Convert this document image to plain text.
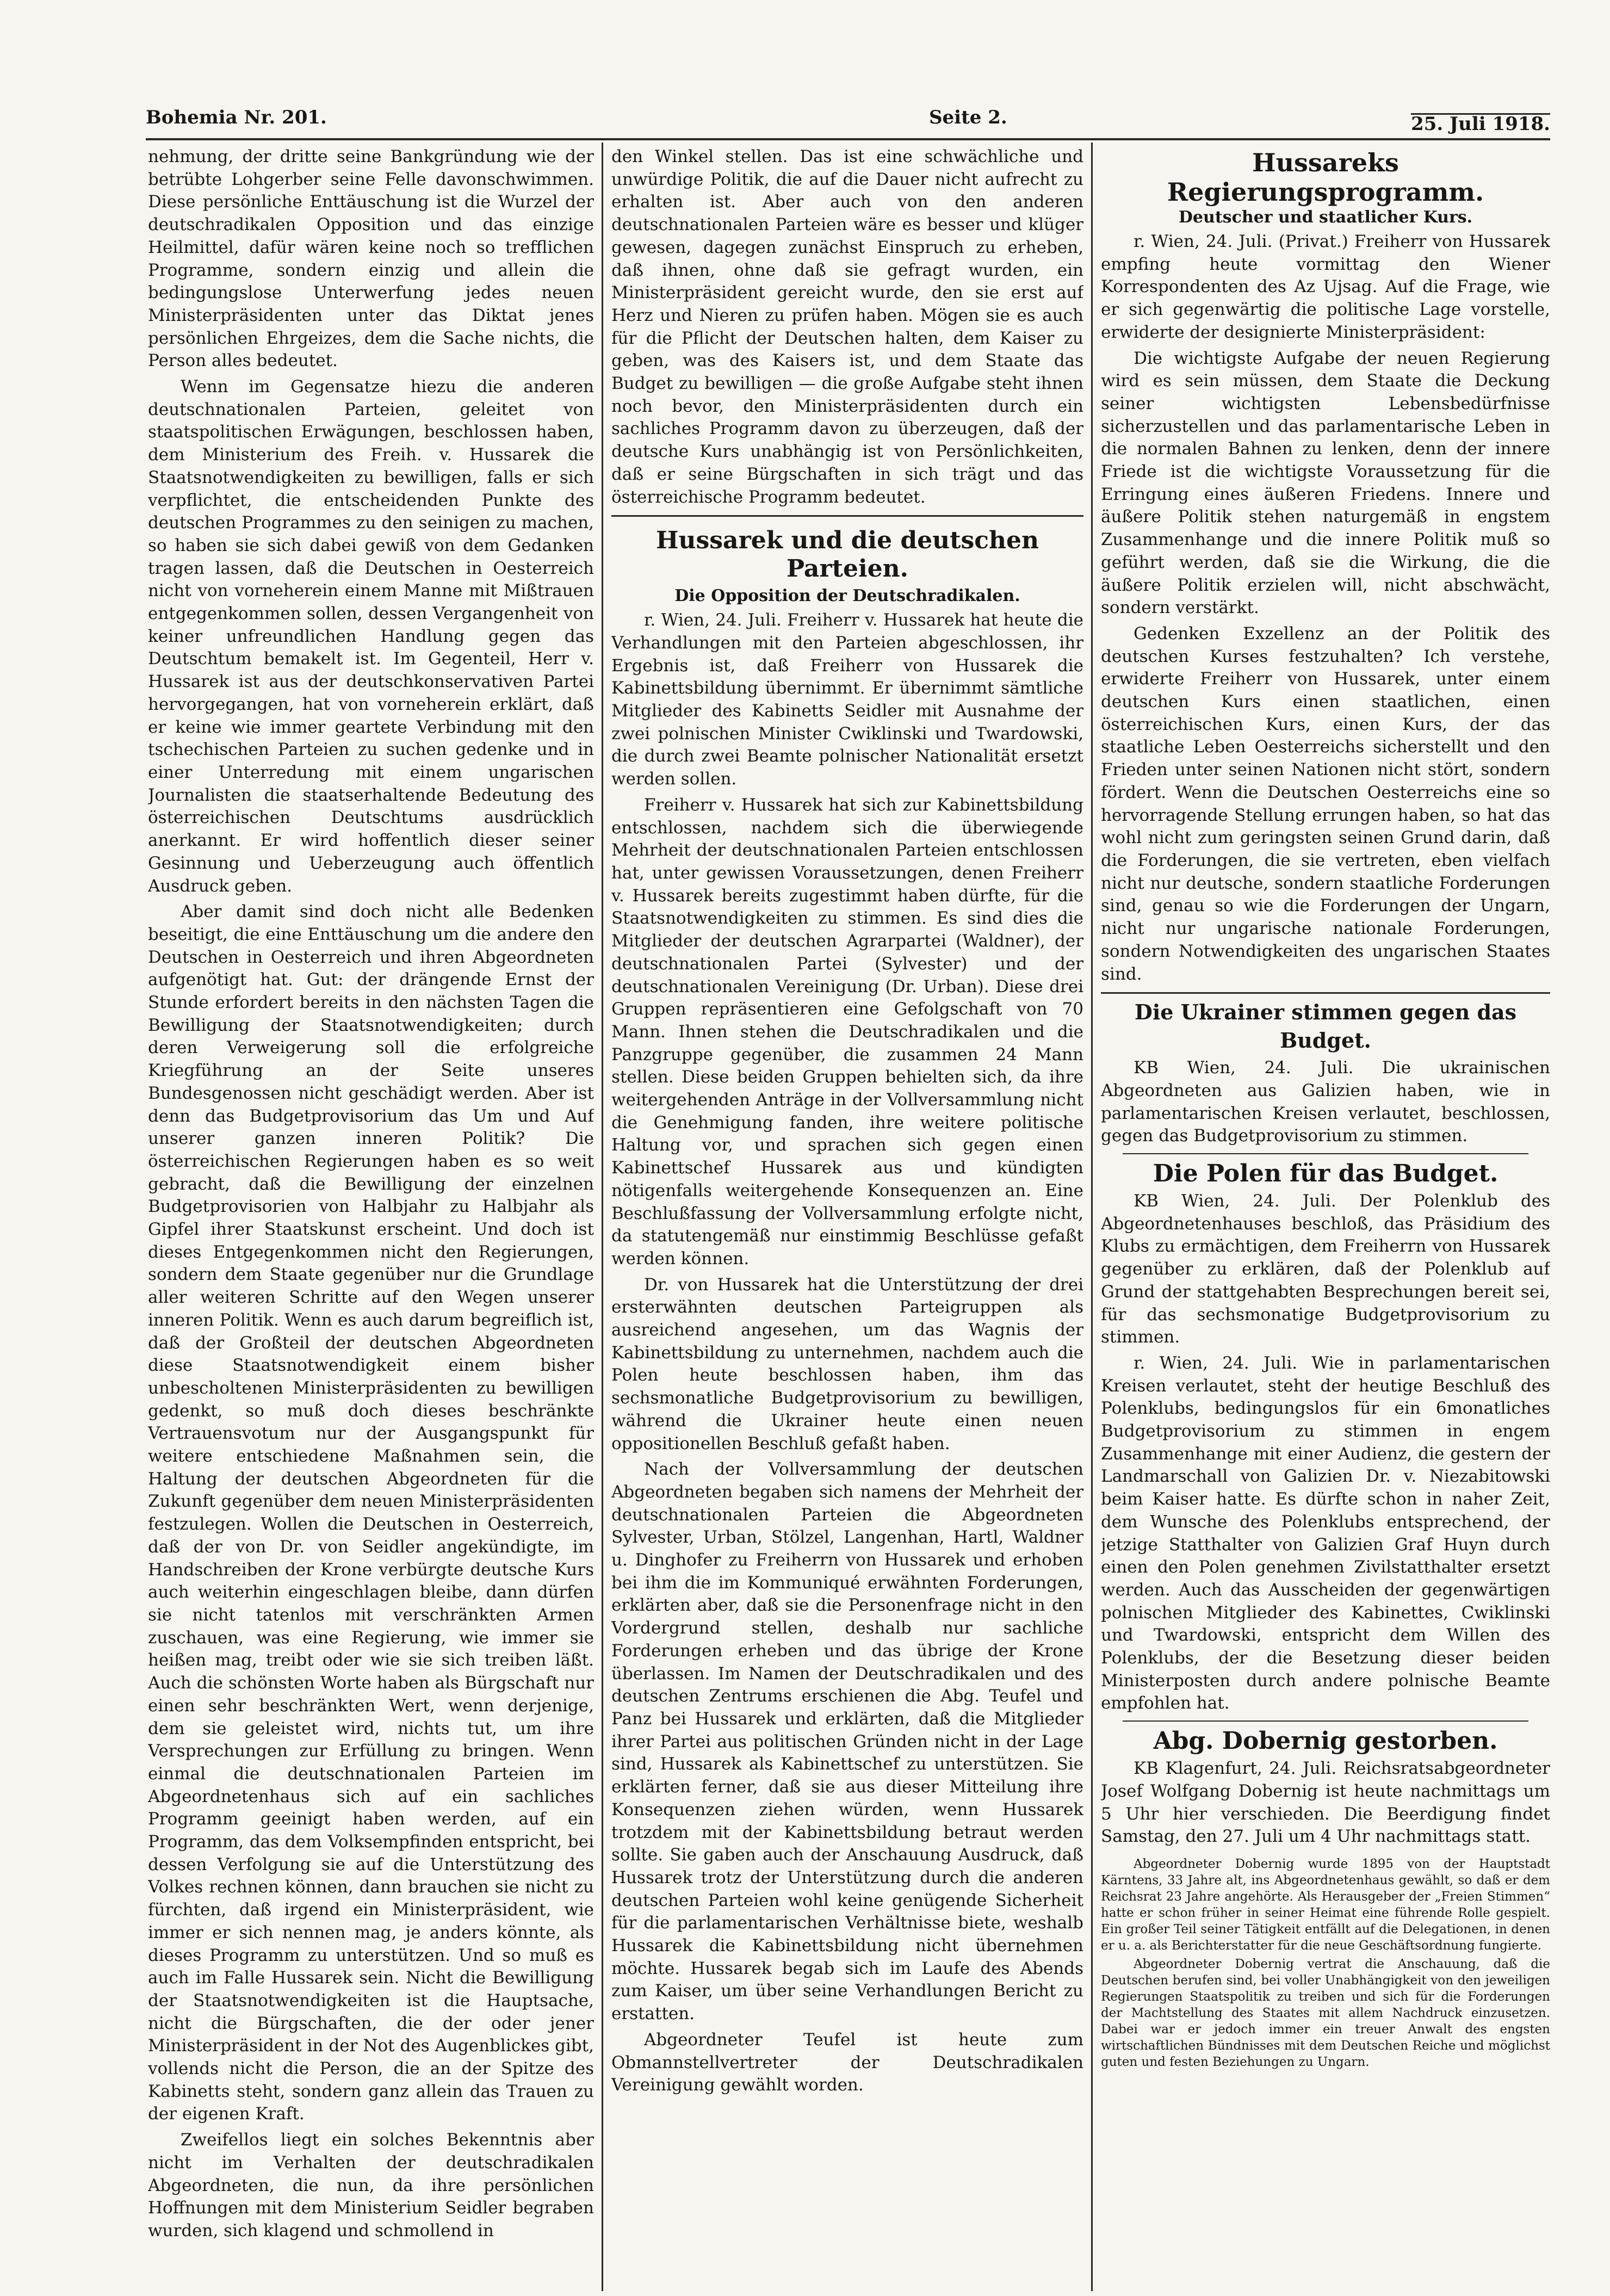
Bohemia Nr. 201.	Seite 2.	25. Juli 1918.

nehmung, der dritte seine Bankgründung wie der betrübte Lohgerber seine Felle davonschwimmen. Diese persönliche Enttäuschung ist die Wurzel der deutschradikalen Opposition und das einzige Heilmittel, dafür wären keine noch so trefflichen Programme, sondern einzig und allein die bedingungslose Unterwerfung jedes neuen Ministerpräsidenten unter das Diktat jenes persönlichen Ehrgeizes, dem die Sache nichts, die Person alles bedeutet.

Wenn im Gegensatze hiezu die anderen deutschnationalen Parteien, geleitet von staatspolitischen Erwägungen, beschlossen haben, dem Ministerium des Freih. v. Hussarek die Staatsnotwendigkeiten zu bewilligen, falls er sich verpflichtet, die entscheidenden Punkte des deutschen Programmes zu den seinigen zu machen, so haben sie sich dabei gewiß von dem Gedanken tragen lassen, daß die Deutschen in Oesterreich nicht von vorneherein einem Manne mit Mißtrauen entgegenkommen sollen, dessen Vergangenheit von keiner unfreundlichen Handlung gegen das Deutschtum bemakelt ist. Im Gegenteil, Herr v. Hussarek ist aus der deutschkonservativen Partei hervorgegangen, hat von vorneherein erklärt, daß er keine wie immer geartete Verbindung mit den tschechischen Parteien zu suchen gedenke und in einer Unterredung mit einem ungarischen Journalisten die staatserhaltende Bedeutung des österreichischen Deutschtums ausdrücklich anerkannt. Er wird hoffentlich dieser seiner Gesinnung und Ueberzeugung auch öffentlich Ausdruck geben.

Aber damit sind doch nicht alle Bedenken beseitigt, die eine Enttäuschung um die andere den Deutschen in Oesterreich und ihren Abgeordneten aufgenötigt hat. Gut: der drängende Ernst der Stunde erfordert bereits in den nächsten Tagen die Bewilligung der Staatsnotwendigkeiten; durch deren Verweigerung soll die erfolgreiche Kriegführung an der Seite unseres Bundesgenossen nicht geschädigt werden. Aber ist denn das Budgetprovisorium das Um und Auf unserer ganzen inneren Politik? Die österreichischen Regierungen haben es so weit gebracht, daß die Bewilligung der einzelnen Budgetprovisorien von Halbjahr zu Halbjahr als Gipfel ihrer Staatskunst erscheint. Und doch ist dieses Entgegenkommen nicht den Regierungen, sondern dem Staate gegenüber nur die Grundlage aller weiteren Schritte auf den Wegen unserer inneren Politik. Wenn es auch darum begreiflich ist, daß der Großteil der deutschen Abgeordneten diese Staatsnotwendigkeit einem bisher unbescholtenen Ministerpräsidenten zu bewilligen gedenkt, so muß doch dieses beschränkte Vertrauensvotum nur der Ausgangspunkt für weitere entschiedene Maßnahmen sein, die Haltung der deutschen Abgeordneten für die Zukunft gegenüber dem neuen Ministerpräsidenten festzulegen. Wollen die Deutschen in Oesterreich, daß der von Dr. von Seidler angekündigte, im Handschreiben der Krone verbürgte deutsche Kurs auch weiterhin eingeschlagen bleibe, dann dürfen sie nicht tatenlos mit verschränkten Armen zuschauen, was eine Regierung, wie immer sie heißen mag, treibt oder wie sie sich treiben läßt. Auch die schönsten Worte haben als Bürgschaft nur einen sehr beschränkten Wert, wenn derjenige, dem sie geleistet wird, nichts tut, um ihre Versprechungen zur Erfüllung zu bringen. Wenn einmal die deutschnationalen Parteien im Abgeordnetenhaus sich auf ein sachliches Programm geeinigt haben werden, auf ein Programm, das dem Volksempfinden entspricht, bei dessen Verfolgung sie auf die Unterstützung des Volkes rechnen können, dann brauchen sie nicht zu fürchten, daß irgend ein Ministerpräsident, wie immer er sich nennen mag, je anders könnte, als dieses Programm zu unterstützen. Und so muß es auch im Falle Hussarek sein. Nicht die Bewilligung der Staatsnotwendigkeiten ist die Hauptsache, nicht die Bürgschaften, die der oder jener Ministerpräsident in der Not des Augenblickes gibt, vollends nicht die Person, die an der Spitze des Kabinetts steht, sondern ganz allein das Trauen zu der eigenen Kraft.

Zweifellos liegt ein solches Bekenntnis aber nicht im Verhalten der deutschradikalen Abgeordneten, die nun, da ihre persönlichen Hoffnungen mit dem Ministerium Seidler begraben wurden, sich klagend und schmollend in

den Winkel stellen. Das ist eine schwächliche und unwürdige Politik, die auf die Dauer nicht aufrecht zu erhalten ist. Aber auch von den anderen deutschnationalen Parteien wäre es besser und klüger gewesen, dagegen zunächst Einspruch zu erheben, daß ihnen, ohne daß sie gefragt wurden, ein Ministerpräsident gereicht wurde, den sie erst auf Herz und Nieren zu prüfen haben. Mögen sie es auch für die Pflicht der Deutschen halten, dem Kaiser zu geben, was des Kaisers ist, und dem Staate das Budget zu bewilligen — die große Aufgabe steht ihnen noch bevor, den Ministerpräsidenten durch ein sachliches Programm davon zu überzeugen, daß der deutsche Kurs unabhängig ist von Persönlichkeiten, daß er seine Bürgschaften in sich trägt und das österreichische Programm bedeutet.

Hussarek und die deutschen Parteien.
Die Opposition der Deutschradikalen.

r. Wien, 24. Juli. Freiherr v. Hussarek hat heute die Verhandlungen mit den Parteien abgeschlossen, ihr Ergebnis ist, daß Freiherr von Hussarek die Kabinettsbildung übernimmt. Er übernimmt sämtliche Mitglieder des Kabinetts Seidler mit Ausnahme der zwei polnischen Minister Cwiklinski und Twardowski, die durch zwei Beamte polnischer Nationalität ersetzt werden sollen.

Freiherr v. Hussarek hat sich zur Kabinettsbildung entschlossen, nachdem sich die überwiegende Mehrheit der deutschnationalen Parteien entschlossen hat, unter gewissen Voraussetzungen, denen Freiherr v. Hussarek bereits zugestimmt haben dürfte, für die Staatsnotwendigkeiten zu stimmen. Es sind dies die Mitglieder der deutschen Agrarpartei (Waldner), der deutschnationalen Partei (Sylvester) und der deutschnationalen Vereinigung (Dr. Urban). Diese drei Gruppen repräsentieren eine Gefolgschaft von 70 Mann. Ihnen stehen die Deutschradikalen und die Panzgruppe gegenüber, die zusammen 24 Mann stellen. Diese beiden Gruppen behielten sich, da ihre weitergehenden Anträge in der Vollversammlung nicht die Genehmigung fanden, ihre weitere politische Haltung vor, und sprachen sich gegen einen Kabinettschef Hussarek aus und kündigten nötigenfalls weitergehende Konsequenzen an. Eine Beschlußfassung der Vollversammlung erfolgte nicht, da statutengemäß nur einstimmig Beschlüsse gefaßt werden können.

Dr. von Hussarek hat die Unterstützung der drei ersterwähnten deutschen Parteigruppen als ausreichend angesehen, um das Wagnis der Kabinettsbildung zu unternehmen, nachdem auch die Polen heute beschlossen haben, ihm das sechsmonatliche Budgetprovisorium zu bewilligen, während die Ukrainer heute einen neuen oppositionellen Beschluß gefaßt haben.

Nach der Vollversammlung der deutschen Abgeordneten begaben sich namens der Mehrheit der deutschnationalen Parteien die Abgeordneten Sylvester, Urban, Stölzel, Langenhan, Hartl, Waldner u. Dinghofer zu Freiherrn von Hussarek und erhoben bei ihm die im Kommuniqué erwähnten Forderungen, erklärten aber, daß sie die Personenfrage nicht in den Vordergrund stellen, deshalb nur sachliche Forderungen erheben und das übrige der Krone überlassen. Im Namen der Deutschradikalen und des deutschen Zentrums erschienen die Abg. Teufel und Panz bei Hussarek und erklärten, daß die Mitglieder ihrer Partei aus politischen Gründen nicht in der Lage sind, Hussarek als Kabinettschef zu unterstützen. Sie erklärten ferner, daß sie aus dieser Mitteilung ihre Konsequenzen ziehen würden, wenn Hussarek trotzdem mit der Kabinettsbildung betraut werden sollte. Sie gaben auch der Anschauung Ausdruck, daß Hussarek trotz der Unterstützung durch die anderen deutschen Parteien wohl keine genügende Sicherheit für die parlamentarischen Verhältnisse biete, weshalb Hussarek die Kabinettsbildung nicht übernehmen möchte. Hussarek begab sich im Laufe des Abends zum Kaiser, um über seine Verhandlungen Bericht zu erstatten.

Abgeordneter Teufel ist heute zum Obmannstellvertreter der Deutschradikalen Vereinigung gewählt worden.

Hussareks Regierungsprogramm.
Deutscher und staatlicher Kurs.

r. Wien, 24. Juli. (Privat.) Freiherr von Hussarek empfing heute vormittag den Wiener Korrespondenten des Az Ujsag. Auf die Frage, wie er sich gegenwärtig die politische Lage vorstelle, erwiderte der designierte Ministerpräsident:

Die wichtigste Aufgabe der neuen Regierung wird es sein müssen, dem Staate die Deckung seiner wichtigsten Lebensbedürfnisse sicherzustellen und das parlamentarische Leben in die normalen Bahnen zu lenken, denn der innere Friede ist die wichtigste Voraussetzung für die Erringung eines äußeren Friedens. Innere und äußere Politik stehen naturgemäß in engstem Zusammenhange und die innere Politik muß so geführt werden, daß sie die Wirkung, die die äußere Politik erzielen will, nicht abschwächt, sondern verstärkt.

Gedenken Exzellenz an der Politik des deutschen Kurses festzuhalten? Ich verstehe, erwiderte Freiherr von Hussarek, unter einem deutschen Kurs einen staatlichen, einen österreichischen Kurs, einen Kurs, der das staatliche Leben Oesterreichs sicherstellt und den Frieden unter seinen Nationen nicht stört, sondern fördert. Wenn die Deutschen Oesterreichs eine so hervorragende Stellung errungen haben, so hat das wohl nicht zum geringsten seinen Grund darin, daß die Forderungen, die sie vertreten, eben vielfach nicht nur deutsche, sondern staatliche Forderungen sind, genau so wie die Forderungen der Ungarn, nicht nur ungarische nationale Forderungen, sondern Notwendigkeiten des ungarischen Staates sind.

Die Ukrainer stimmen gegen das Budget.

KB Wien, 24. Juli. Die ukrainischen Abgeordneten aus Galizien haben, wie in parlamentarischen Kreisen verlautet, beschlossen, gegen das Budgetprovisorium zu stimmen.

Die Polen für das Budget.

KB Wien, 24. Juli. Der Polenklub des Abgeordnetenhauses beschloß, das Präsidium des Klubs zu ermächtigen, dem Freiherrn von Hussarek gegenüber zu erklären, daß der Polenklub auf Grund der stattgehabten Besprechungen bereit sei, für das sechsmonatige Budgetprovisorium zu stimmen.

r. Wien, 24. Juli. Wie in parlamentarischen Kreisen verlautet, steht der heutige Beschluß des Polenklubs, bedingungslos für ein 6monatliches Budgetprovisorium zu stimmen in engem Zusammenhange mit einer Audienz, die gestern der Landmarschall von Galizien Dr. v. Niezabitowski beim Kaiser hatte. Es dürfte schon in naher Zeit, dem Wunsche des Polenklubs entsprechend, der jetzige Statthalter von Galizien Graf Huyn durch einen den Polen genehmen Zivilstatthalter ersetzt werden. Auch das Ausscheiden der gegenwärtigen polnischen Mitglieder des Kabinettes, Cwiklinski und Twardowski, entspricht dem Willen des Polenklubs, der die Besetzung dieser beiden Ministerposten durch andere polnische Beamte empfohlen hat.

Abg. Dobernig gestorben.

KB Klagenfurt, 24. Juli. Reichsratsabgeordneter Josef Wolfgang Dobernig ist heute nachmittags um 5 Uhr hier verschieden. Die Beerdigung findet Samstag, den 27. Juli um 4 Uhr nachmittags statt.

Abgeordneter Dobernig wurde 1895 von der Hauptstadt Kärntens, 33 Jahre alt, ins Abgeordnetenhaus gewählt, so daß er dem Reichsrat 23 Jahre angehörte. Als Herausgeber der „Freien Stimmen“ hatte er schon früher in seiner Heimat eine führende Rolle gespielt. Ein großer Teil seiner Tätigkeit entfällt auf die Delegationen, in denen er u. a. als Berichterstatter für die neue Geschäftsordnung fungierte.

Abgeordneter Dobernig vertrat die Anschauung, daß die Deutschen berufen sind, bei voller Unabhängigkeit von den jeweiligen Regierungen Staatspolitik zu treiben und sich für die Forderungen der Machtstellung des Staates mit allem Nachdruck einzusetzen. Dabei war er jedoch immer ein treuer Anwalt des engsten wirtschaftlichen Bündnisses mit dem Deutschen Reiche und möglichst guten und festen Beziehungen zu Ungarn.
